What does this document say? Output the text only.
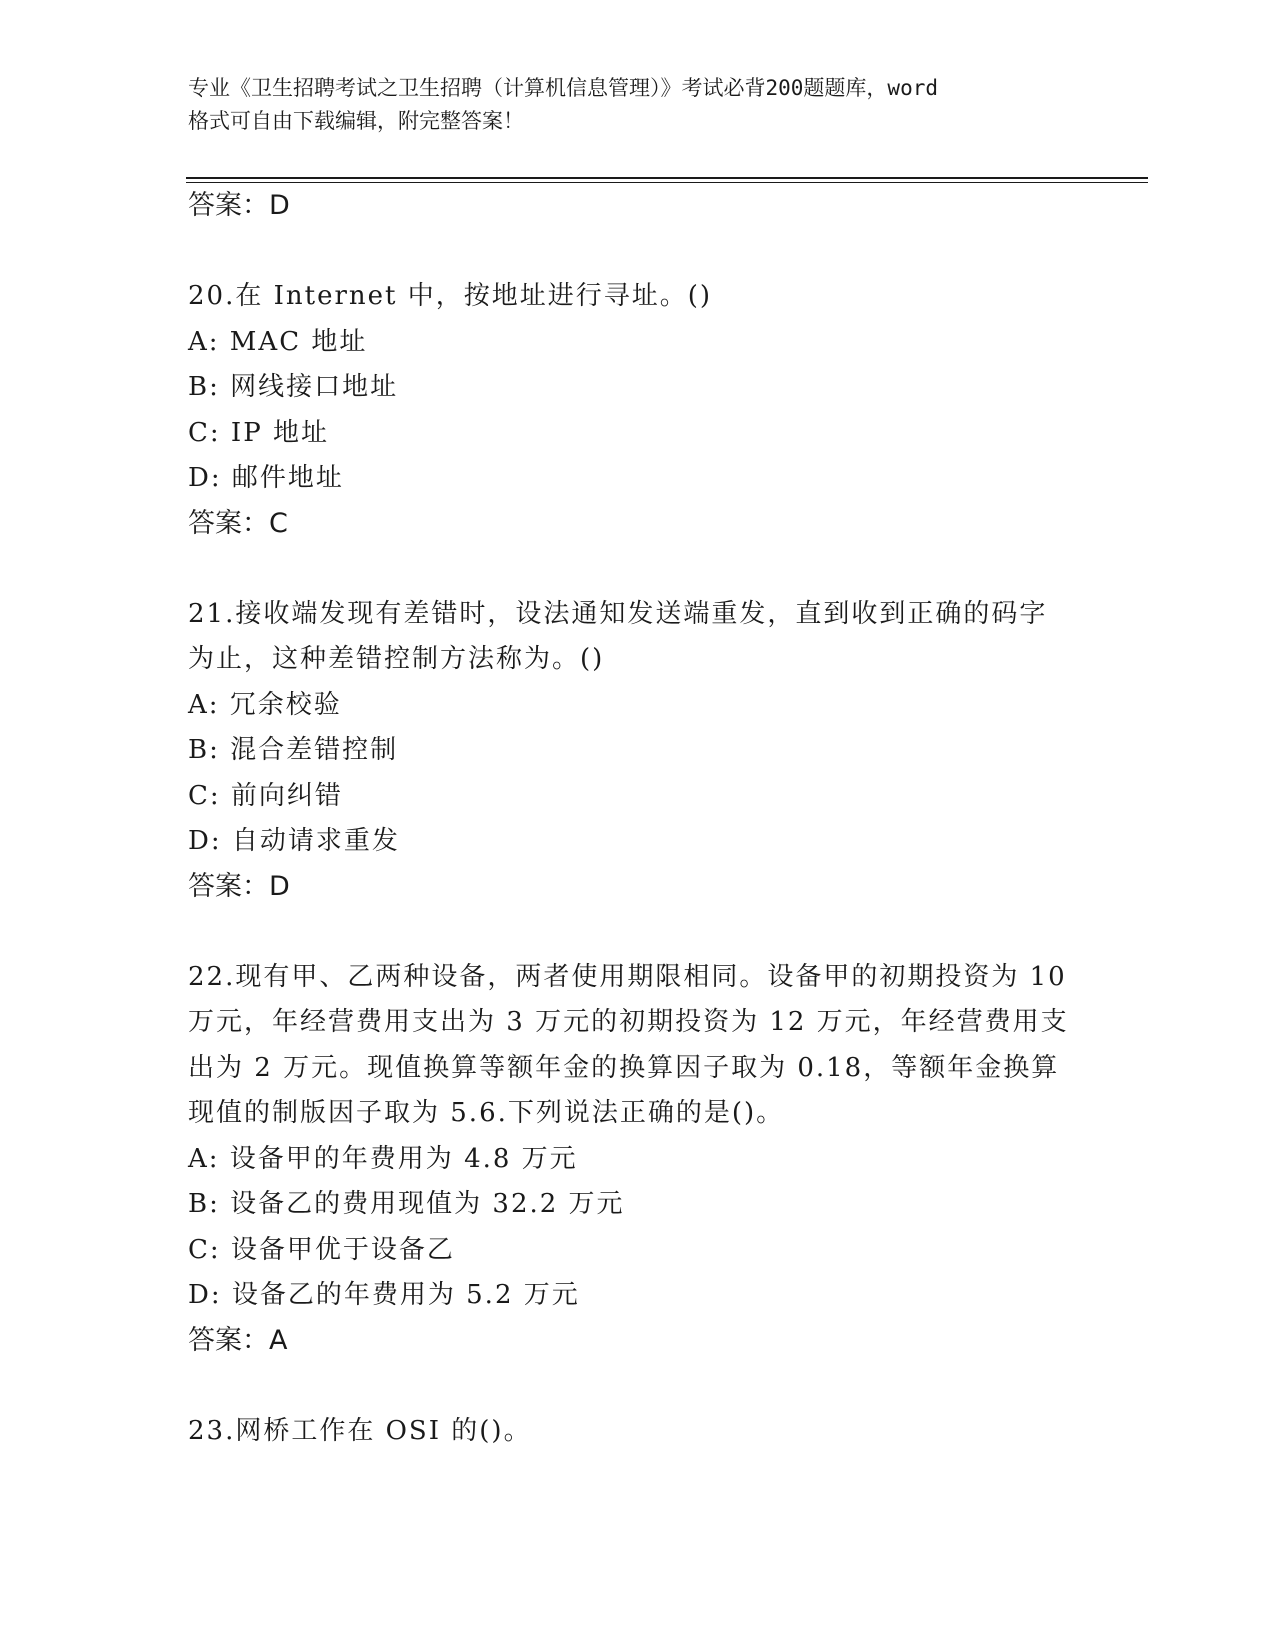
专业《卫生招聘考试之卫生招聘（计算机信息管理）》考试必背200题题库，word
格式可自由下载编辑，附完整答案！
答案：D
20.在 Internet 中，按地址进行寻址。()
A: MAC 地址
B: 网线接口地址
C: IP 地址
D: 邮件地址
答案：C
21.接收端发现有差错时，设法通知发送端重发，直到收到正确的码字
为止，这种差错控制方法称为。()
A: 冗余校验
B: 混合差错控制
C: 前向纠错
D: 自动请求重发
答案：D
22.现有甲、乙两种设备，两者使用期限相同。设备甲的初期投资为 10
万元，年经营费用支出为 3 万元的初期投资为 12 万元，年经营费用支
出为 2 万元。现值换算等额年金的换算因子取为 0.18，等额年金换算
现值的制版因子取为 5.6.下列说法正确的是()。
A: 设备甲的年费用为 4.8 万元
B: 设备乙的费用现值为 32.2 万元
C: 设备甲优于设备乙
D: 设备乙的年费用为 5.2 万元
答案：A
23.网桥工作在 OSI 的()。
